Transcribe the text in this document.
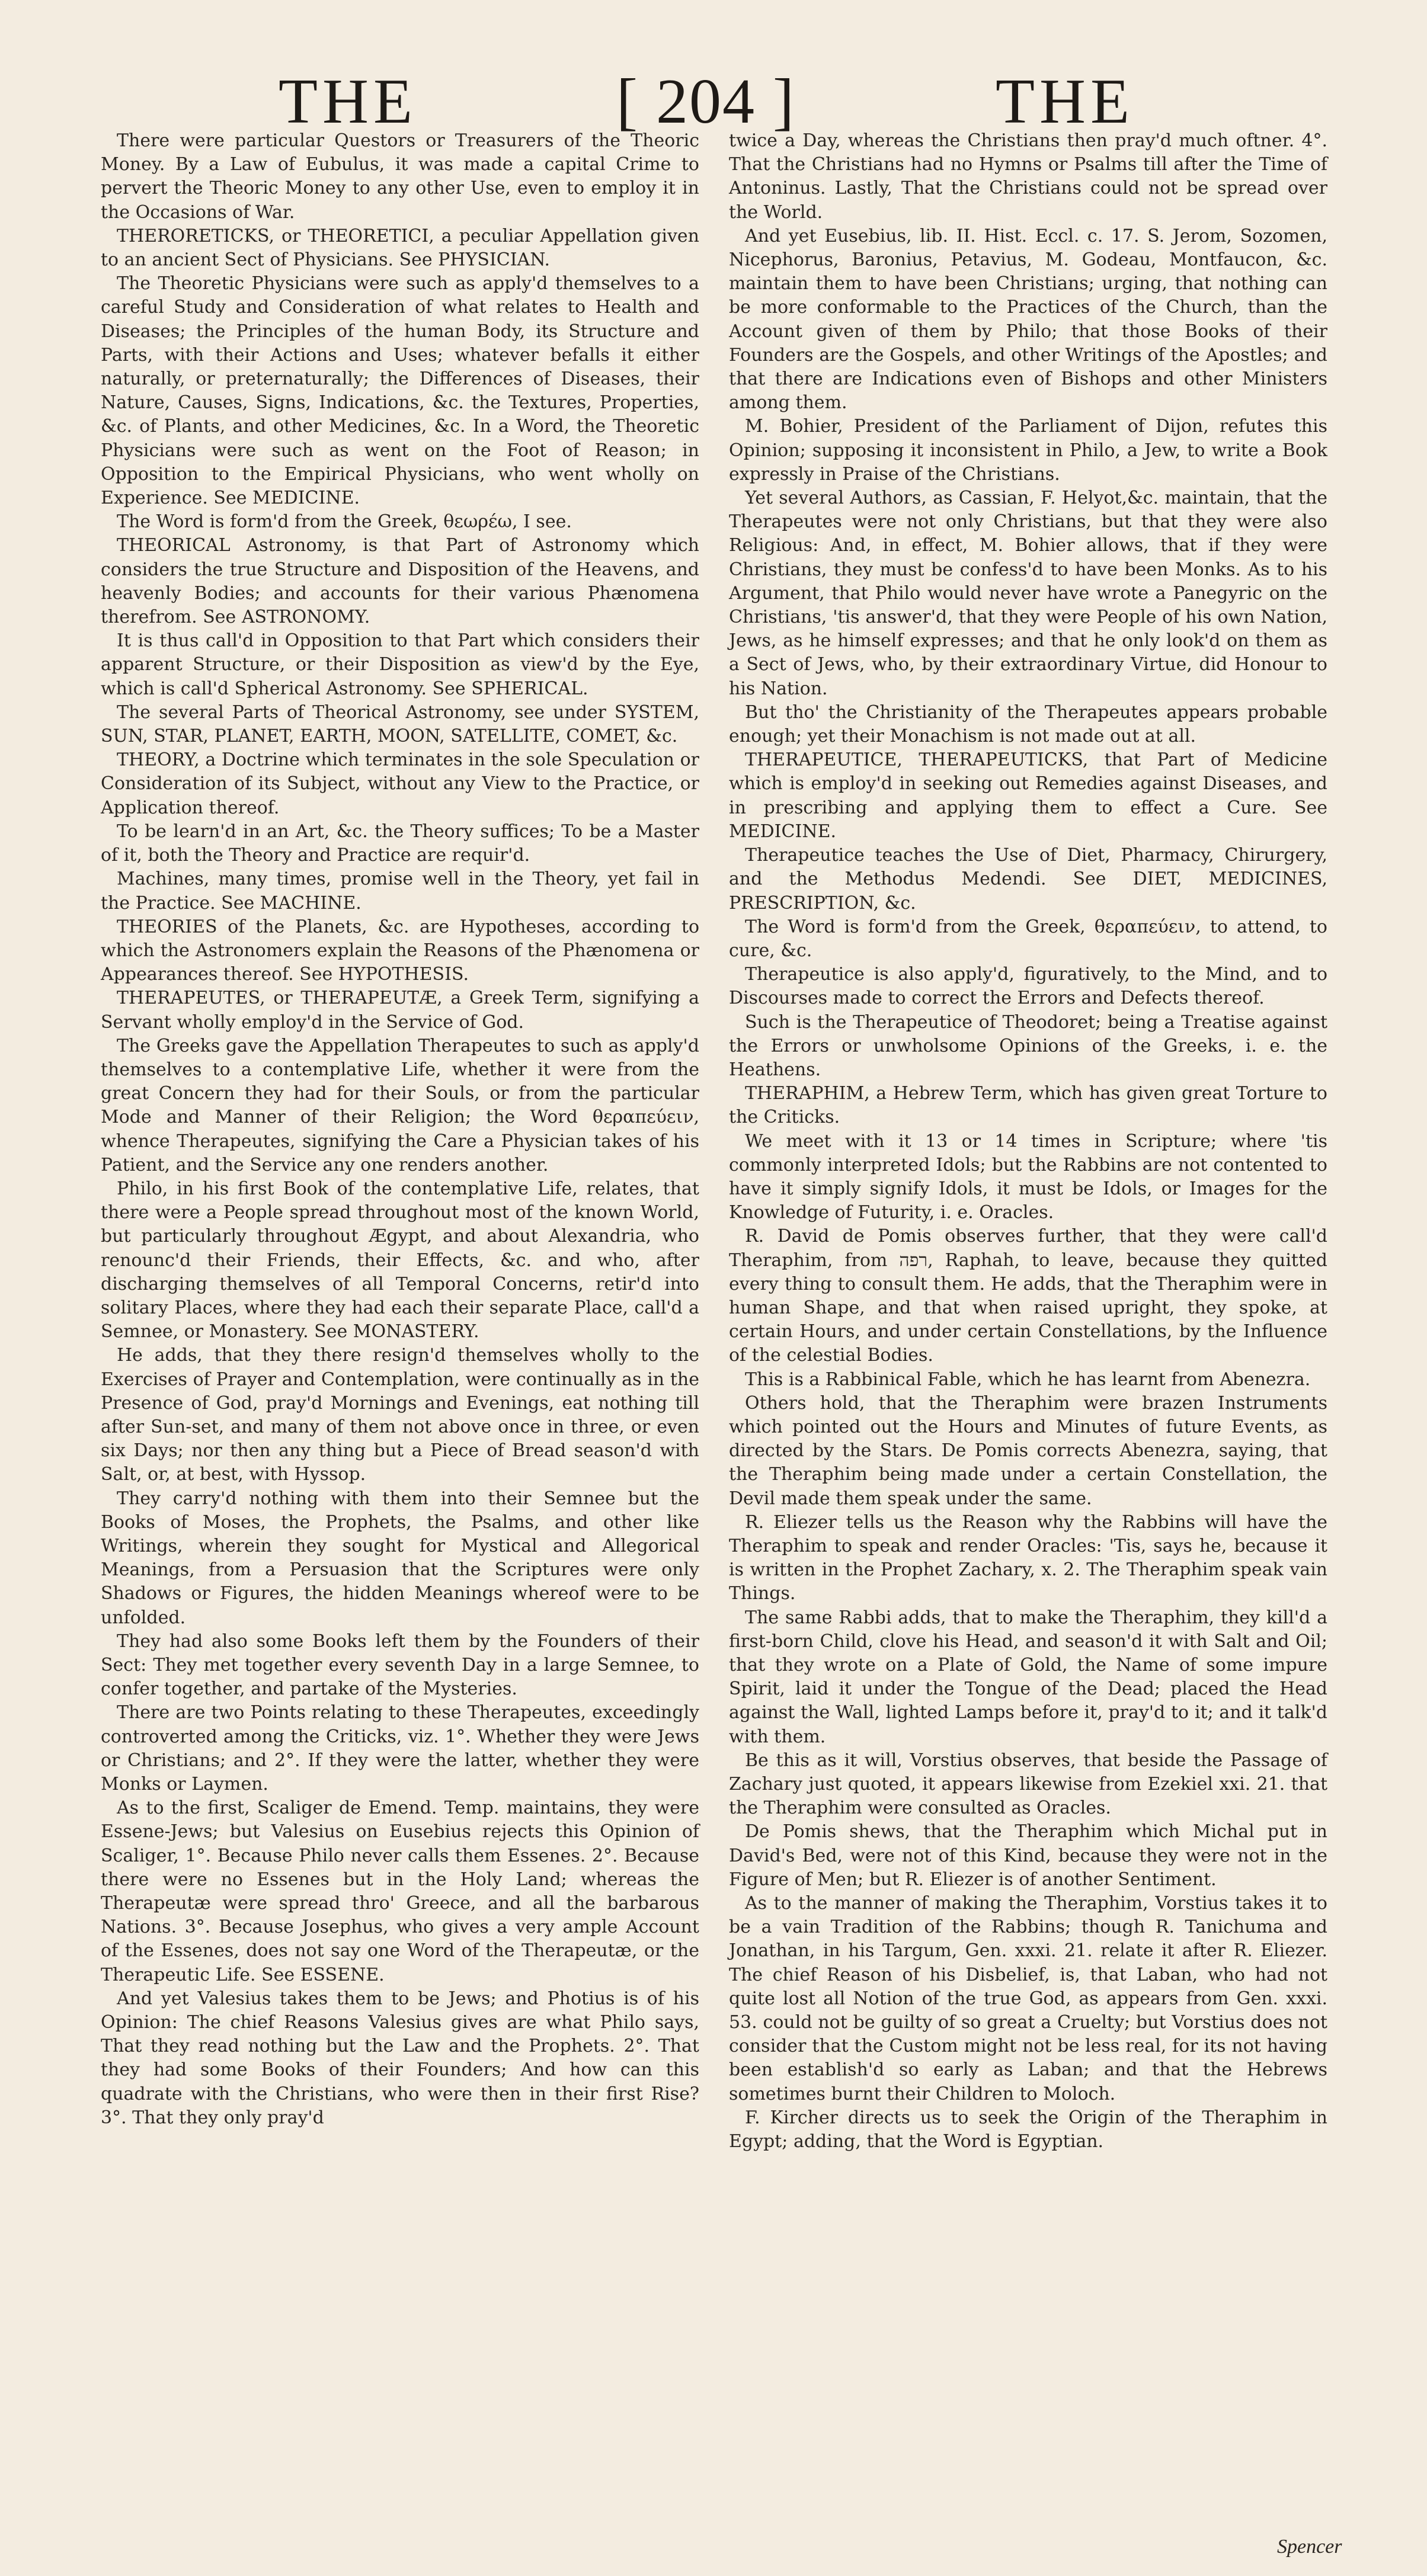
THE	[ 204 ]	THE

There were particular Questors or Treasurers of the Theoric Money. By a Law of Eubulus, it was made a capital Crime to pervert the Theoric Money to any other Use, even to employ it in the Occasions of War.

THERORETICKS, or THEORETICI, a peculiar Appellation given to an ancient Sect of Physicians. See PHYSICIAN.

The Theoretic Physicians were such as apply'd themselves to a careful Study and Consideration of what relates to Health and Diseases; the Principles of the human Body, its Structure and Parts, with their Actions and Uses; whatever befalls it either naturally, or preternaturally; the Differences of Diseases, their Nature, Causes, Signs, Indications, &c. the Textures, Properties, &c. of Plants, and other Medicines, &c. In a Word, the Theoretic Physicians were such as went on the Foot of Reason; in Opposition to the Empirical Physicians, who went wholly on Experience. See MEDICINE.

The Word is form'd from the Greek, θεωρέω, I see.

THEORICAL Astronomy, is that Part of Astronomy which considers the true Structure and Disposition of the Heavens, and heavenly Bodies; and accounts for their various Phænomena therefrom. See ASTRONOMY.

It is thus call'd in Opposition to that Part which considers their apparent Structure, or their Disposition as view'd by the Eye, which is call'd Spherical Astronomy. See SPHERICAL.

The several Parts of Theorical Astronomy, see under SYSTEM, SUN, STAR, PLANET, EARTH, MOON, SATELLITE, COMET, &c.

THEORY, a Doctrine which terminates in the sole Speculation or Consideration of its Subject, without any View to the Practice, or Application thereof.

To be learn'd in an Art, &c. the Theory suffices; To be a Master of it, both the Theory and Practice are requir'd.

Machines, many times, promise well in the Theory, yet fail in the Practice. See MACHINE.

THEORIES of the Planets, &c. are Hypotheses, according to which the Astronomers explain the Reasons of the Phænomena or Appearances thereof. See HYPOTHESIS.

THERAPEUTES, or THERAPEUTÆ, a Greek Term, signifying a Servant wholly employ'd in the Service of God.

The Greeks gave the Appellation Therapeutes to such as apply'd themselves to a contemplative Life, whether it were from the great Concern they had for their Souls, or from the particular Mode and Manner of their Religion; the Word θεραπεύειν, whence Therapeutes, signifying the Care a Physician takes of his Patient, and the Service any one renders another.

Philo, in his first Book of the contemplative Life, relates, that there were a People spread throughout most of the known World, but particularly throughout Ægypt, and about Alexandria, who renounc'd their Friends, their Effects, &c. and who, after discharging themselves of all Temporal Concerns, retir'd into solitary Places, where they had each their separate Place, call'd a Semnee, or Monastery. See MONASTERY.

He adds, that they there resign'd themselves wholly to the Exercises of Prayer and Contemplation, were continually as in the Presence of God, pray'd Mornings and Evenings, eat nothing till after Sun-set, and many of them not above once in three, or even six Days; nor then any thing but a Piece of Bread season'd with Salt, or, at best, with Hyssop.

They carry'd nothing with them into their Semnee but the Books of Moses, the Prophets, the Psalms, and other like Writings, wherein they sought for Mystical and Allegorical Meanings, from a Persuasion that the Scriptures were only Shadows or Figures, the hidden Meanings whereof were to be unfolded.

They had also some Books left them by the Founders of their Sect: They met together every seventh Day in a large Semnee, to confer together, and partake of the Mysteries.

There are two Points relating to these Therapeutes, exceedingly controverted among the Criticks, viz. 1°. Whether they were Jews or Christians; and 2°. If they were the latter, whether they were Monks or Laymen.

As to the first, Scaliger de Emend. Temp. maintains, they were Essene-Jews; but Valesius on Eusebius rejects this Opinion of Scaliger, 1°. Because Philo never calls them Essenes. 2°. Because there were no Essenes but in the Holy Land; whereas the Therapeutæ were spread thro' Greece, and all the barbarous Nations. 3°. Because Josephus, who gives a very ample Account of the Essenes, does not say one Word of the Therapeutæ, or the Therapeutic Life. See ESSENE.

And yet Valesius takes them to be Jews; and Photius is of his Opinion: The chief Reasons Valesius gives are what Philo says, That they read nothing but the Law and the Prophets. 2°. That they had some Books of their Founders; And how can this quadrate with the Christians, who were then in their first Rise? 3°. That they only pray'd

twice a Day, whereas the Christians then pray'd much oftner. 4°. That the Christians had no Hymns or Psalms till after the Time of Antoninus. Lastly, That the Christians could not be spread over the World.

And yet Eusebius, lib. II. Hist. Eccl. c. 17. S. Jerom, Sozomen, Nicephorus, Baronius, Petavius, M. Godeau, Montfaucon, &c. maintain them to have been Christians; urging, that nothing can be more conformable to the Practices of the Church, than the Account given of them by Philo; that those Books of their Founders are the Gospels, and other Writings of the Apostles; and that there are Indications even of Bishops and other Ministers among them.

M. Bohier, President of the Parliament of Dijon, refutes this Opinion; supposing it inconsistent in Philo, a Jew, to write a Book expressly in Praise of the Christians.

Yet several Authors, as Cassian, F. Helyot,&c. maintain, that the Therapeutes were not only Christians, but that they were also Religious: And, in effect, M. Bohier allows, that if they were Christians, they must be confess'd to have been Monks. As to his Argument, that Philo would never have wrote a Panegyric on the Christians, 'tis answer'd, that they were People of his own Nation, Jews, as he himself expresses; and that he only look'd on them as a Sect of Jews, who, by their extraordinary Virtue, did Honour to his Nation.

But tho' the Christianity of the Therapeutes appears probable enough; yet their Monachism is not made out at all.

THERAPEUTICE, THERAPEUTICKS, that Part of Medicine which is employ'd in seeking out Remedies against Diseases, and in prescribing and applying them to effect a Cure. See MEDICINE.

Therapeutice teaches the Use of Diet, Pharmacy, Chirurgery, and the Methodus Medendi. See DIET, MEDICINES, PRESCRIPTION, &c.

The Word is form'd from the Greek, θεραπεύειν, to attend, to cure, &c.

Therapeutice is also apply'd, figuratively, to the Mind, and to Discourses made to correct the Errors and Defects thereof.

Such is the Therapeutice of Theodoret; being a Treatise against the Errors or unwholsome Opinions of the Greeks, i. e. the Heathens.

THERAPHIM, a Hebrew Term, which has given great Torture to the Criticks.

We meet with it 13 or 14 times in Scripture; where 'tis commonly interpreted Idols; but the Rabbins are not contented to have it simply signify Idols, it must be Idols, or Images for the Knowledge of Futurity, i. e. Oracles.

R. David de Pomis observes further, that they were call'd Theraphim, from רפה, Raphah, to leave, because they quitted every thing to consult them. He adds, that the Theraphim were in human Shape, and that when raised upright, they spoke, at certain Hours, and under certain Constellations, by the Influence of the celestial Bodies.

This is a Rabbinical Fable, which he has learnt from Abenezra.

Others hold, that the Theraphim were brazen Instruments which pointed out the Hours and Minutes of future Events, as directed by the Stars. De Pomis corrects Abenezra, saying, that the Theraphim being made under a certain Constellation, the Devil made them speak under the same.

R. Eliezer tells us the Reason why the Rabbins will have the Theraphim to speak and render Oracles: 'Tis, says he, because it is written in the Prophet Zachary, x. 2. The Theraphim speak vain Things.

The same Rabbi adds, that to make the Theraphim, they kill'd a first-born Child, clove his Head, and season'd it with Salt and Oil; that they wrote on a Plate of Gold, the Name of some impure Spirit, laid it under the Tongue of the Dead; placed the Head against the Wall, lighted Lamps before it, pray'd to it; and it talk'd with them.

Be this as it will, Vorstius observes, that beside the Passage of Zachary just quoted, it appears likewise from Ezekiel xxi. 21. that the Theraphim were consulted as Oracles.

De Pomis shews, that the Theraphim which Michal put in David's Bed, were not of this Kind, because they were not in the Figure of Men; but R. Eliezer is of another Sentiment.

As to the manner of making the Theraphim, Vorstius takes it to be a vain Tradition of the Rabbins; though R. Tanichuma and Jonathan, in his Targum, Gen. xxxi. 21. relate it after R. Eliezer. The chief Reason of his Disbelief, is, that Laban, who had not quite lost all Notion of the true God, as appears from Gen. xxxi. 53. could not be guilty of so great a Cruelty; but Vorstius does not consider that the Custom might not be less real, for its not having been establish'd so early as Laban; and that the Hebrews sometimes burnt their Children to Moloch.

F. Kircher directs us to seek the Origin of the Theraphim in Egypt; adding, that the Word is Egyptian.

Spencer
